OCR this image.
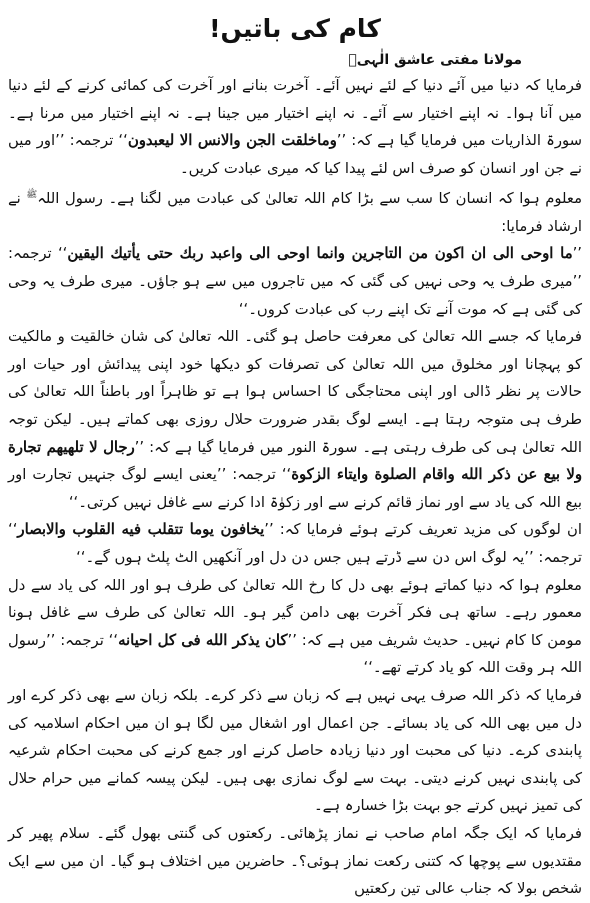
کام کی باتیں!
مولانا مفتی عاشق الٰہیؒ

فرمایا کہ دنیا میں آئے دنیا کے لئے نہیں آئے۔ آخرت بنانے اور آخرت کی کمائی کرنے کے لئے دنیا میں آنا ہوا۔ نہ اپنے اختیار سے آئے۔ نہ اپنے اختیار میں جینا ہے۔ نہ اپنے اختیار میں مرنا ہے۔ سورۃ الذاریات میں فرمایا گیا ہے کہ: ’’وماخلقت الجن والانس الا ليعبدون‘‘ ترجمہ: ’’اور میں نے جن اور انسان کو صرف اس لئے پیدا کیا کہ میری عبادت کریں۔

معلوم ہوا کہ انسان کا سب سے بڑا کام اللہ تعالیٰ کی عبادت میں لگنا ہے۔ رسول اللہ$^ﷺ$ نے ارشاد فرمایا:

’’ما اوحى الى ان اكون من التاجرين وانما اوحى الى واعبد ربك حتى يأتيك اليقين‘‘ ترجمہ: ’’میری طرف یہ وحی نہیں کی گئی کہ میں تاجروں میں سے ہو جاؤں۔ میری طرف یہ وحی کی گئی ہے کہ موت آنے تک اپنے رب کی عبادت کروں۔‘‘

فرمایا کہ جسے اللہ تعالیٰ کی معرفت حاصل ہو گئی۔ اللہ تعالیٰ کی شان خالقیت و مالکیت کو پہچانا اور مخلوق میں اللہ تعالیٰ کی تصرفات کو دیکھا خود اپنی پیدائش اور حیات اور حالات پر نظر ڈالی اور اپنی محتاجگی کا احساس ہوا ہے تو ظاہراً اور باطناً اللہ تعالیٰ کی طرف ہی متوجہ رہتا ہے۔ ایسے لوگ بقدر ضرورت حلال روزی بھی کماتے ہیں۔ لیکن توجہ اللہ تعالیٰ ہی کی طرف رہتی ہے۔ سورۃ النور میں فرمایا گیا ہے کہ: ’’رجال لا تلهيهم تجارة ولا بيع عن ذكر الله واقام الصلوة وايتاء الزكوة‘‘ ترجمہ: ’’یعنی ایسے لوگ جنہیں تجارت اور بیع اللہ کی یاد سے اور نماز قائم کرنے سے اور زکوٰۃ ادا کرنے سے غافل نہیں کرتی۔‘‘

ان لوگوں کی مزید تعریف کرتے ہوئے فرمایا کہ: ’’يخافون يوما تتقلب فيه القلوب والابصار‘‘ ترجمہ: ’’یہ لوگ اس دن سے ڈرتے ہیں جس دن دل اور آنکھیں الٹ پلٹ ہوں گے۔‘‘

معلوم ہوا کہ دنیا کماتے ہوئے بھی دل کا رخ اللہ تعالیٰ کی طرف ہو اور اللہ کی یاد سے دل معمور رہے۔ ساتھ ہی فکر آخرت بھی دامن گیر ہو۔ اللہ تعالیٰ کی طرف سے غافل ہونا مومن کا کام نہیں۔ حدیث شریف میں ہے کہ: ’’كان يذكر الله فى كل احيانه‘‘ ترجمہ: ’’رسول اللہ ہر وقت اللہ کو یاد کرتے تھے۔‘‘

فرمایا کہ ذکر اللہ صرف یہی نہیں ہے کہ زبان سے ذکر کرے۔ بلکہ زبان سے بھی ذکر کرے اور دل میں بھی اللہ کی یاد بسائے۔ جن اعمال اور اشغال میں لگا ہو ان میں احکام اسلامیہ کی پابندی کرے۔ دنیا کی محبت اور دنیا زیادہ حاصل کرنے اور جمع کرنے کی محبت احکام شرعیہ کی پابندی نہیں کرنے دیتی۔ بہت سے لوگ نمازی بھی ہیں۔ لیکن پیسہ کمانے میں حرام حلال کی تمیز نہیں کرتے جو بہت بڑا خسارہ ہے۔

فرمایا کہ ایک جگہ امام صاحب نے نماز پڑھائی۔ رکعتوں کی گنتی بھول گئے۔ سلام پھیر کر مقتدیوں سے پوچھا کہ کتنی رکعت نماز ہوئی؟۔ حاضرین میں اختلاف ہو گیا۔ ان میں سے ایک شخص بولا کہ جناب عالی تین رکعتیں
